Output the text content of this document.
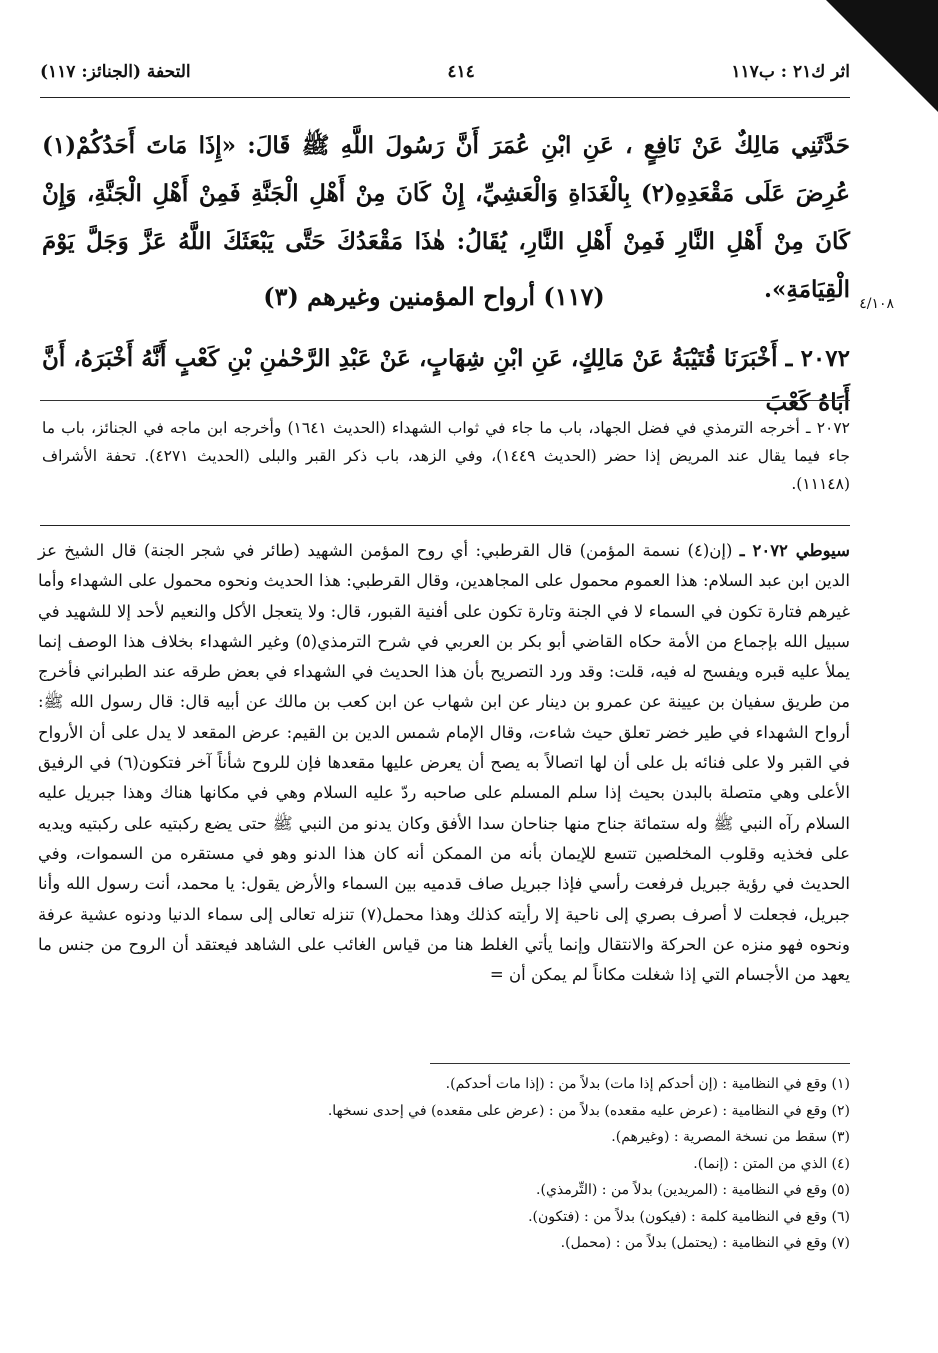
التحفة (الجنائز: ١١٧)	٤١٤	اثر ك٢١ : ب١١٧
حَدَّثَنِي مَالِكٌ عَنْ نَافِعٍ ، عَنِ ابْنِ عُمَرَ أَنَّ رَسُولَ اللَّهِ ﷺ قَالَ: «إِذَا مَاتَ أَحَدُكُمْ(١) عُرِضَ عَلَى مَقْعَدِهِ(٢) بِالْغَدَاةِ وَالْعَشِيِّ، إِنْ كَانَ مِنْ أَهْلِ الْجَنَّةِ فَمِنْ أَهْلِ الْجَنَّةِ، وَإِنْ كَانَ مِنْ أَهْلِ النَّارِ فَمِنْ أَهْلِ النَّارِ، يُقَالُ: هٰذَا مَقْعَدُكَ حَتَّى يَبْعَثَكَ اللَّهُ عَزَّ وَجَلَّ يَوْمَ الْقِيَامَةِ».
(١١٧) أرواح المؤمنين وغيرهم (٣)	٤/١٠٨
٢٠٧٢ ـ أَخْبَرَنَا قُتَيْبَةُ عَنْ مَالِكٍ، عَنِ ابْنِ شِهَابٍ، عَنْ عَبْدِ الرَّحْمٰنِ بْنِ كَعْبٍ أَنَّهُ أَخْبَرَهُ، أَنَّ أَبَاهُ كَعْبَ
٢٠٧٢ ـ أخرجه الترمذي في فضل الجهاد، باب ما جاء في ثواب الشهداء (الحديث ١٦٤١) وأخرجه ابن ماجه في الجنائز، باب ما جاء فيما يقال عند المريض إذا حضر (الحديث ١٤٤٩)، وفي الزهد، باب ذكر القبر والبلى (الحديث ٤٢٧١). تحفة الأشراف (١١١٤٨).
سيوطي ٢٠٧٢ ـ (إن(٤) نسمة المؤمن) قال القرطبي: أي روح المؤمن الشهيد (طائر في شجر الجنة) قال الشيخ عز الدين ابن عبد السلام: هذا العموم محمول على المجاهدين، وقال القرطبي: هذا الحديث ونحوه محمول على الشهداء وأما غيرهم فتارة تكون في السماء لا في الجنة وتارة تكون على أفنية القبور، قال: ولا يتعجل الأكل والنعيم لأحد إلا للشهيد في سبيل الله بإجماع من الأمة حكاه القاضي أبو بكر بن العربي في شرح الترمذي(٥) وغير الشهداء بخلاف هذا الوصف إنما يملأ عليه قبره ويفسح له فيه، قلت: وقد ورد التصريح بأن هذا الحديث في الشهداء في بعض طرقه عند الطبراني فأخرج من طريق سفيان بن عيينة عن عمرو بن دينار عن ابن شهاب عن ابن كعب بن مالك عن أبيه قال: قال رسول الله ﷺ: أرواح الشهداء في طير خضر تعلق حيث شاءت، وقال الإمام شمس الدين بن القيم: عرض المقعد لا يدل على أن الأرواح في القبر ولا على فنائه بل على أن لها اتصالاً به يصح أن يعرض عليها مقعدها فإن للروح شأناً آخر فتكون(٦) في الرفيق الأعلى وهي متصلة بالبدن بحيث إذا سلم المسلم على صاحبه ردّ عليه السلام وهي في مكانها هناك وهذا جبريل عليه السلام رآه النبي ﷺ وله ستمائة جناح منها جناحان سدا الأفق وكان يدنو من النبي ﷺ حتى يضع ركبتيه على ركبتيه ويديه على فخذيه وقلوب المخلصين تتسع للإيمان بأنه من الممكن أنه كان هذا الدنو وهو في مستقره من السموات، وفي الحديث في رؤية جبريل فرفعت رأسي فإذا جبريل صاف قدميه بين السماء والأرض يقول: يا محمد، أنت رسول الله وأنا جبريل، فجعلت لا أصرف بصري إلى ناحية إلا رأيته كذلك وهذا محمل(٧) تنزله تعالى إلى سماء الدنيا ودنوه عشية عرفة ونحوه فهو منزه عن الحركة والانتقال وإنما يأتي الغلط هنا من قياس الغائب على الشاهد فيعتقد أن الروح من جنس ما يعهد من الأجسام التي إذا شغلت مكاناً لم يمكن أن =
(١) وقع في النظامية : (إن أحدكم إذا مات) بدلاً من : (إذا مات أحدكم).
(٢) وقع في النظامية : (عرض عليه مقعده) بدلاً من : (عرض على مقعده) في إحدى نسخها.
(٣) سقط من نسخة المصرية : (وغيرهم).
(٤) الذي من المتن : (إنما).
(٥) وقع في النظامية : (المريدين) بدلاً من : (التِّرمذي).
(٦) وقع في النظامية كلمة : (فيكون) بدلاً من : (فتكون).
(٧) وقع في النظامية : (يحتمل) بدلاً من : (محمل).
